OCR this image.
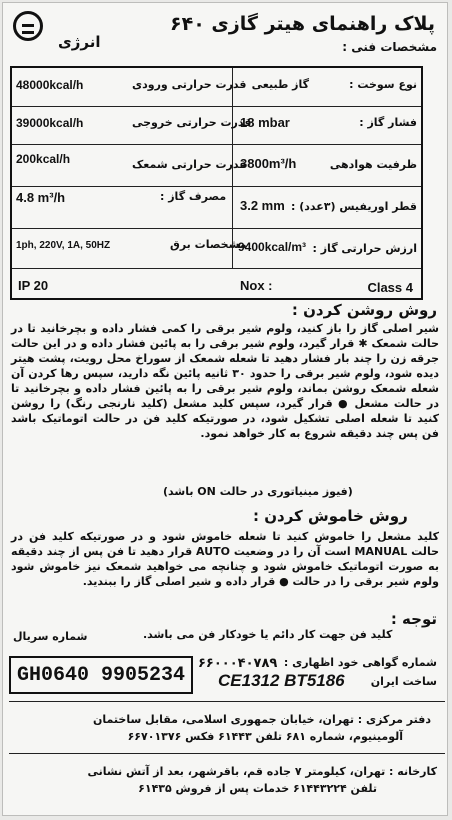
انرژی
پلاک راهنمای هیتر گازی ۶۴۰
مشخصات فنی :
نوع سوخت :
گاز طبیعی
قدرت حرارتی ورودی
48000kcal/h
فشار گاز :
18 mbar
قدرت حرارتی خروجی
39000kcal/h
ظرفیت هوادهی
3800m³/h
قدرت حرارتی شمعک
200kcal/h
قطر اوریفیس (۳عدد) :
3.2 mm
مصرف گاز :
4.8 m³/h
ارزش حرارتی گاز :
9400kcal/m³
مشخصات برق
1ph, 220V, 1A, 50HZ
IP 20	Nox :	Class 4
روش روشن کردن :
شیر اصلی گاز را باز کنید، ولوم شیر برقی را کمی فشار داده و بچرخانید تا در حالت شمعک ✱ قرار گیرد، ولوم شیر برقی را به پائین فشار داده و در این حالت جرقه زن را چند بار فشار دهید تا شعله شمعک از سوراخ محل رویت، پشت هیتر دیده شود، ولوم شیر برقی را حدود ۳۰ ثانیه پائین نگه دارید، سپس رها کردن آن شعله شمعک روشن بماند، ولوم شیر برقی را به پائین فشار داده و بچرخانید تا در حالت مشعل ● قرار گیرد، سپس کلید مشعل (کلید نارنجی رنگ) را روشن کنید تا شعله اصلی تشکیل شود، در صورتیکه کلید فن در حالت اتوماتیک باشد فن پس چند دقیقه شروع به کار خواهد نمود.
(فیوز مینیاتوری در حالت ON باشد)
روش خاموش کردن :
کلید مشعل را خاموش کنید تا شعله خاموش شود و در صورتیکه کلید فن در حالت MANUAL است آن را در وضعیت AUTO قرار دهید تا فن پس از چند دقیقه به صورت اتوماتیک خاموش شود و چنانچه می خواهید شمعک نیز خاموش شود ولوم شیر برقی را در حالت ● قرار داده و شیر اصلی گاز را ببندید.
توجه :
کلید فن جهت کار دائم یا خودکار فن می باشد.
شماره سریال
GH0640 9905234
شماره گواهی خود اظهاری :
۶۶۰۰۰۴۰۷۸۹
ساخت ایران
CE1312 BT5186
دفتر مرکزی : تهران، خیابان جمهوری اسلامی، مقابل ساختمان
آلومینیوم، شماره ۶۸۱ تلفن ۶۱۴۴۳ فکس ۶۶۷۰۱۳۷۶
کارخانه : تهران، کیلومتر ۷ جاده قم، باقرشهر، بعد از آتش نشانی
تلفن ۶۱۴۴۳۲۲۴ خدمات پس از فروش ۶۱۴۳۵
